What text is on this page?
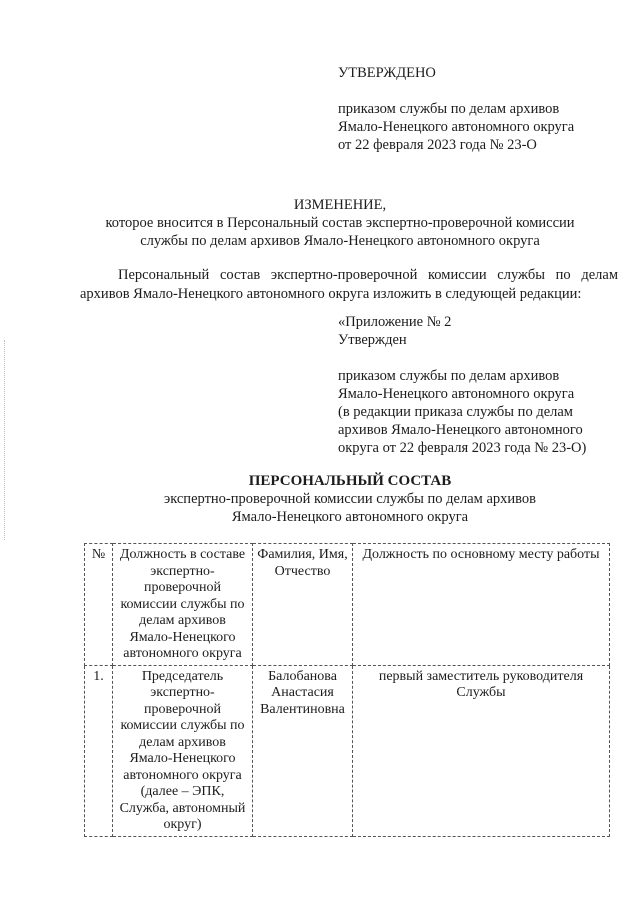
УТВЕРЖДЕНО
приказом службы по делам архивов
Ямало-Ненецкого автономного округа
от 22 февраля 2023 года № 23-О
ИЗМЕНЕНИЕ,
которое вносится в Персональный состав экспертно-проверочной комиссии
службы по делам архивов Ямало-Ненецкого автономного округа
Персональный состав экспертно-проверочной комиссии службы по делам
архивов Ямало-Ненецкого автономного округа изложить в следующей редакции:
«Приложение № 2
Утвержден
приказом службы по делам архивов
Ямало-Ненецкого автономного округа
(в редакции приказа службы по делам
архивов Ямало-Ненецкого автономного
округа от 22 февраля 2023 года № 23-О)
ПЕРСОНАЛЬНЫЙ СОСТАВ
экспертно-проверочной комиссии службы по делам архивов
Ямало-Ненецкого автономного округа
№	Должность в составе экспертно-проверочной комиссии службы по делам архивов Ямало-Ненецкого автономного округа	Фамилия, Имя, Отчество	Должность по основному месту работы
1.	Председатель экспертно-проверочной комиссии службы по делам архивов Ямало-Ненецкого автономного округа (далее – ЭПК, Служба, автономный округ)	Балобанова Анастасия Валентиновна	первый заместитель руководителя Службы
